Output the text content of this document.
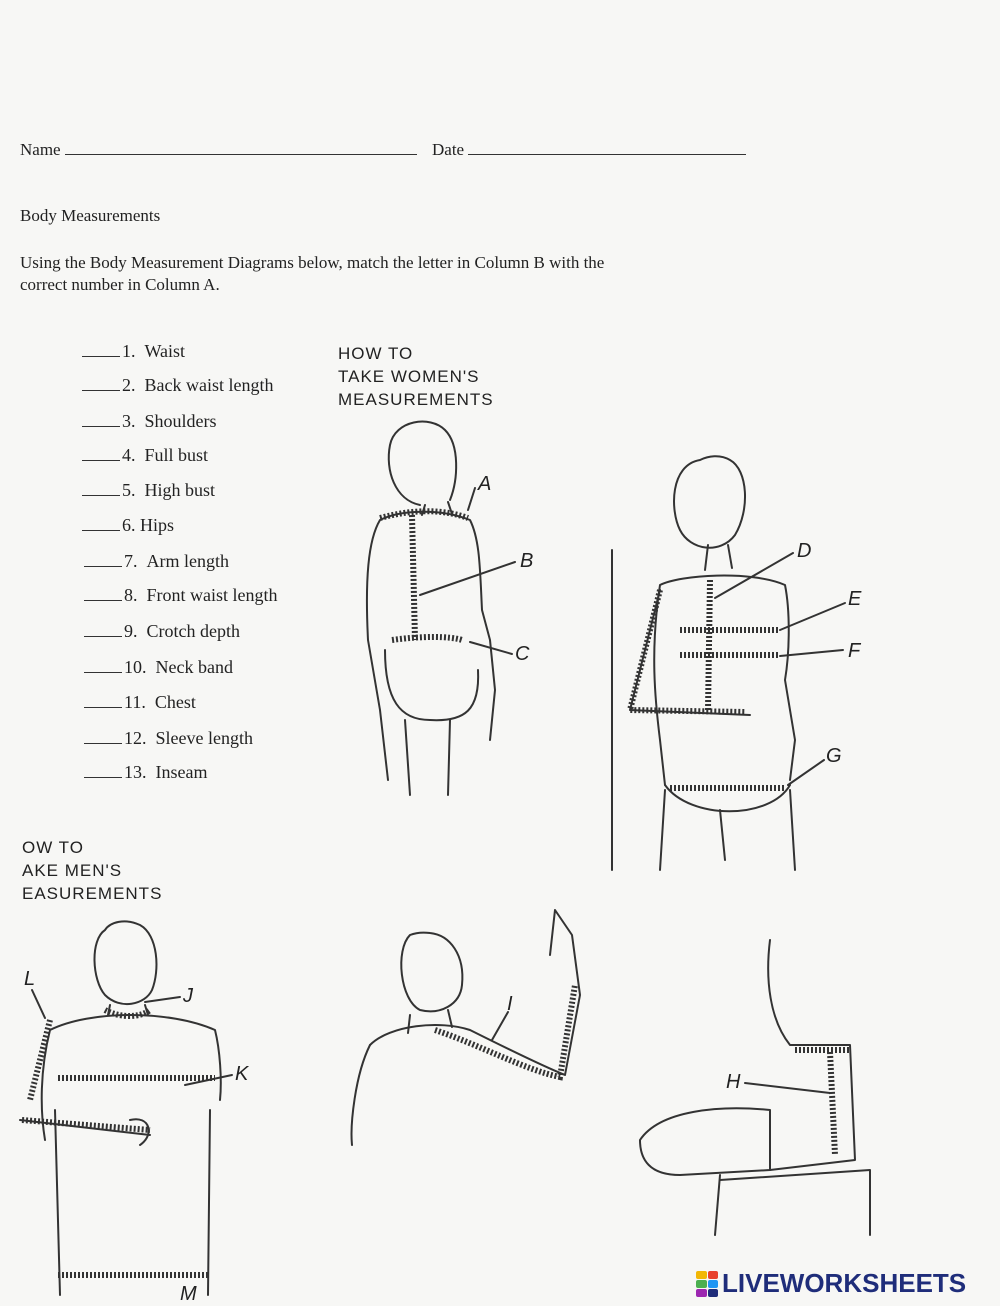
Name	Date
Body Measurements
Using the Body Measurement Diagrams below, match the letter in Column B with the
correct number in Column A.
1. Waist
2. Back waist length
3. Shoulders
4. Full bust
5. High bust
6. Hips
7. Arm length
8. Front waist length
9. Crotch depth
10. Neck band
11. Chest
12. Sleeve length
13. Inseam
HOW TO
TAKE WOMEN'S
MEASUREMENTS
OW TO
AKE MEN'S
EASUREMENTS
A
B
C
D
E
F
G
H
I
J
K
L
M	LIVEWORKSHEETS
